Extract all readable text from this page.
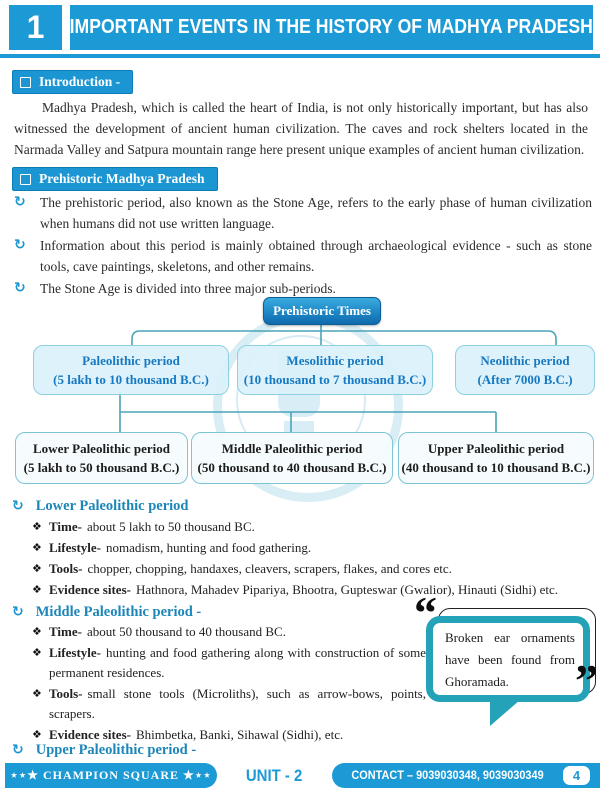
1 IMPORTANT EVENTS IN THE HISTORY OF MADHYA PRADESH
Introduction -
Madhya Pradesh, which is called the heart of India, is not only historically important, but has also witnessed the development of ancient human civilization. The caves and rock shelters located in the Narmada Valley and Satpura mountain range here present unique examples of ancient human civilization.
Prehistoric Madhya Pradesh
↻ The prehistoric period, also known as the Stone Age, refers to the early phase of human civilization when humans did not use written language.
↻ Information about this period is mainly obtained through archaeological evidence - such as stone tools, cave paintings, skeletons, and other remains.
↻ The Stone Age is divided into three major sub-periods.
Prehistoric Times
Paleolithic period
(5 lakh to 10 thousand B.C.)
Mesolithic period
(10 thousand to 7 thousand B.C.)
Neolithic period
(After 7000 B.C.)
Lower Paleolithic period
(5 lakh to 50 thousand B.C.)
Middle Paleolithic period
(50 thousand to 40 thousand B.C.)
Upper Paleolithic period
(40 thousand to 10 thousand B.C.)
↻ Lower Paleolithic period
❖ Time- about 5 lakh to 50 thousand BC.
❖ Lifestyle- nomadism, hunting and food gathering.
❖ Tools- chopper, chopping, handaxes, cleavers, scrapers, flakes, and cores etc.
❖ Evidence sites- Hathnora, Mahadev Pipariya, Bhootra, Gupteswar (Gwalior), Hinauti (Sidhi) etc.
↻ Middle Paleolithic period -
❖ Time- about 50 thousand to 40 thousand BC.
❖ Lifestyle- hunting and food gathering along with construction of some permanent residences.
❖ Tools- small stone tools (Microliths), such as arrow-bows, points, scrapers.
❖ Evidence sites- Bhimbetka, Banki, Sihawal (Sidhi), etc.
Broken ear ornaments have been found from Ghoramada.
“
”
↻ Upper Paleolithic period -
⋆⋆★ CHAMPION SQUARE ★⋆⋆ UNIT - 2	CONTACT – 9039030348, 9039030349	4
